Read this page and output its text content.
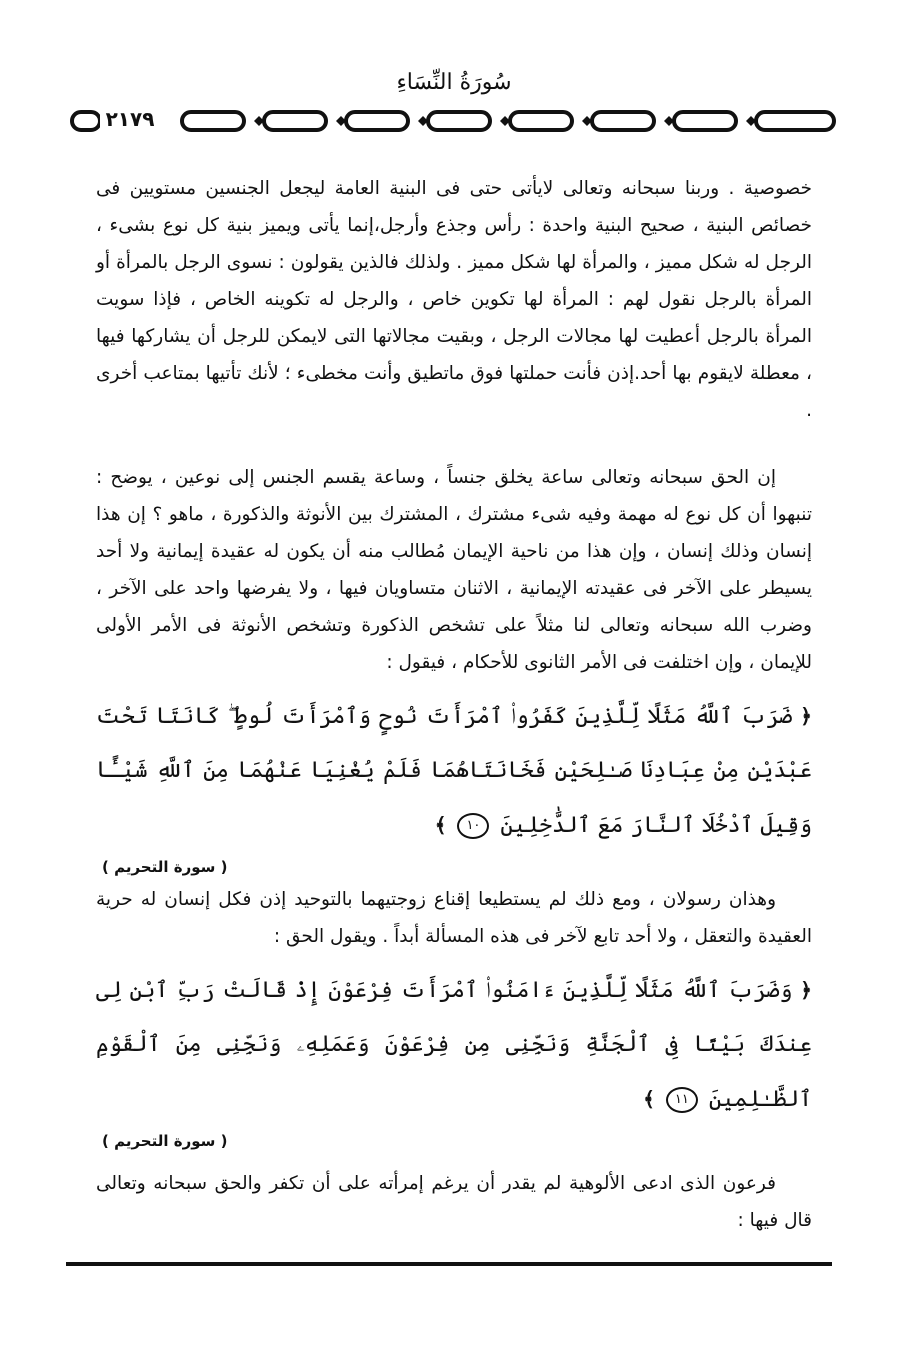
سُورَةُ النِّسَاءِ
٢١٧٩

خصوصية . وربنا سبحانه وتعالى لايأتى حتى فى البنية العامة ليجعل الجنسين مستويين فى خصائص البنية ، صحيح البنية واحدة : رأس وجذع وأرجل،إنما يأتى ويميز بنية كل نوع بشىء ، الرجل له شكل مميز ، والمرأة لها شكل مميز . ولذلك فالذين يقولون : نسوى الرجل بالمرأة أو المرأة بالرجل نقول لهم : المرأة لها تكوين خاص ، والرجل له تكوينه الخاص ، فإذا سويت المرأة بالرجل أعطيت لها مجالات الرجل ، وبقيت مجالاتها التى لايمكن للرجل أن يشاركها فيها ، معطلة لايقوم بها أحد.إذن فأنت حملتها فوق ماتطيق وأنت مخطىء ؛ لأنك تأتيها بمتاعب أخرى .

إن الحق سبحانه وتعالى ساعة يخلق جنساً ، وساعة يقسم الجنس إلى نوعين ، يوضح : تنبهوا أن كل نوع له مهمة وفيه شىء مشترك ، المشترك بين الأنوثة والذكورة ، ماهو ؟ إن هذا إنسان وذلك إنسان ، وإن هذا من ناحية الإيمان مُطالب منه أن يكون له عقيدة إيمانية ولا أحد يسيطر على الآخر فى عقيدته الإيمانية ، الاثنان متساويان فيها ، ولا يفرضها واحد على الآخر ، وضرب الله سبحانه وتعالى لنا مثلاً على تشخص الذكورة وتشخص الأنوثة فى الأمر الأولى للإيمان ، وإن اختلفت فى الأمر الثانوى للأحكام ، فيقول :

﴿ ضَرَبَ ٱللَّهُ مَثَلًا لِّلَّذِينَ كَفَرُوا۟ ٱمْرَأَتَ نُوحٍ وَٱمْرَأَتَ لُوطٍ ۖ كَانَتَا تَحْتَ عَبْدَيْنِ مِنْ عِبَادِنَا صَـٰلِحَيْنِ فَخَانَتَاهُمَا فَلَمْ يُغْنِيَا عَنْهُمَا مِنَ ٱللَّهِ شَيْـًٔا وَقِيلَ ٱدْخُلَا ٱلنَّارَ مَعَ ٱلدَّٰخِلِينَ ١٠ ﴾

( سورة التحريم )

وهذان رسولان ، ومع ذلك لم يستطيعا إقناع زوجتيهما بالتوحيد إذن فكل إنسان له حرية العقيدة والتعقل ، ولا أحد تابع لآخر فى هذه المسألة أبداً . ويقول الحق :

﴿ وَضَرَبَ ٱللَّهُ مَثَلًا لِّلَّذِينَ ءَامَنُوا۟ ٱمْرَأَتَ فِرْعَوْنَ إِذْ قَالَتْ رَبِّ ٱبْنِ لِى عِندَكَ بَيْتًا فِى ٱلْجَنَّةِ وَنَجِّنِى مِن فِرْعَوْنَ وَعَمَلِهِۦ وَنَجِّنِى مِنَ ٱلْقَوْمِ ٱلظَّـٰلِمِينَ ١١ ﴾

( سورة التحريم )

فرعون الذى ادعى الألوهية لم يقدر أن يرغم إمرأته على أن تكفر والحق سبحانه وتعالى قال فيها :
